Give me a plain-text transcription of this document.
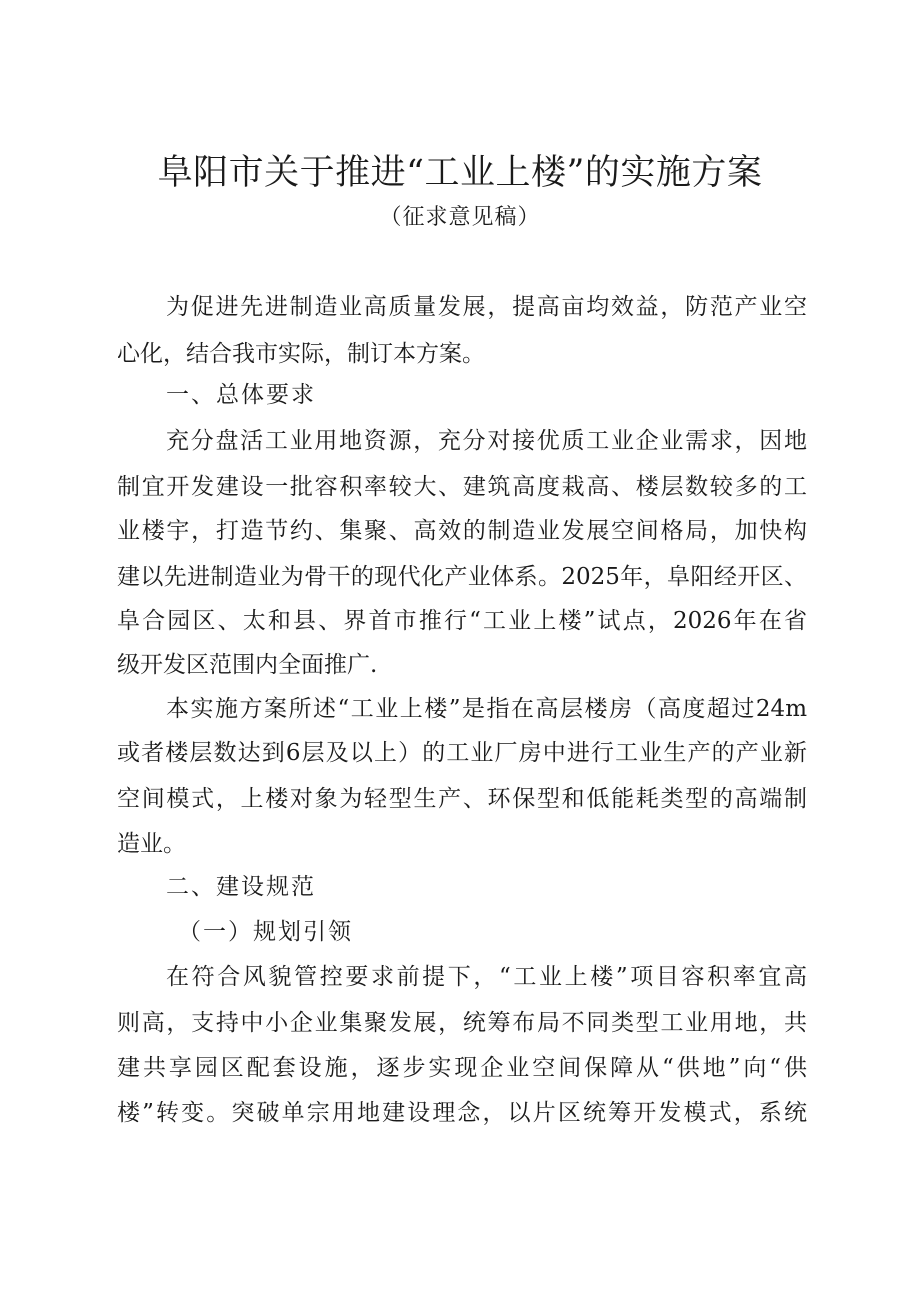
阜阳市关于推进“工业上楼”的实施方案
（征求意见稿）
为促进先进制造业高质量发展，提高亩均效益，防范产业空
心化，结合我市实际，制订本方案。
一、总体要求
充分盘活工业用地资源，充分对接优质工业企业需求，因地
制宜开发建设一批容积率较大、建筑高度栽高、楼层数较多的工
业楼宇，打造节约、集聚、高效的制造业发展空间格局，加快构
建以先进制造业为骨干的现代化产业体系。2025年，阜阳经开区、
阜合园区、太和县、界首市推行“工业上楼”试点，2026年在省
级开发区范围内全面推广.
本实施方案所述“工业上楼”是指在高层楼房（高度超过24m
或者楼层数达到6层及以上）的工业厂房中进行工业生产的产业新
空间模式，上楼对象为轻型生产、环保型和低能耗类型的高端制
造业。
二、建设规范
（一）规划引领
在符合风貌管控要求前提下，“工业上楼”项目容积率宜高
则高，支持中小企业集聚发展，统筹布局不同类型工业用地，共
建共享园区配套设施，逐步实现企业空间保障从“供地”向“供
楼”转变。突破单宗用地建设理念，以片区统筹开发模式，系统
